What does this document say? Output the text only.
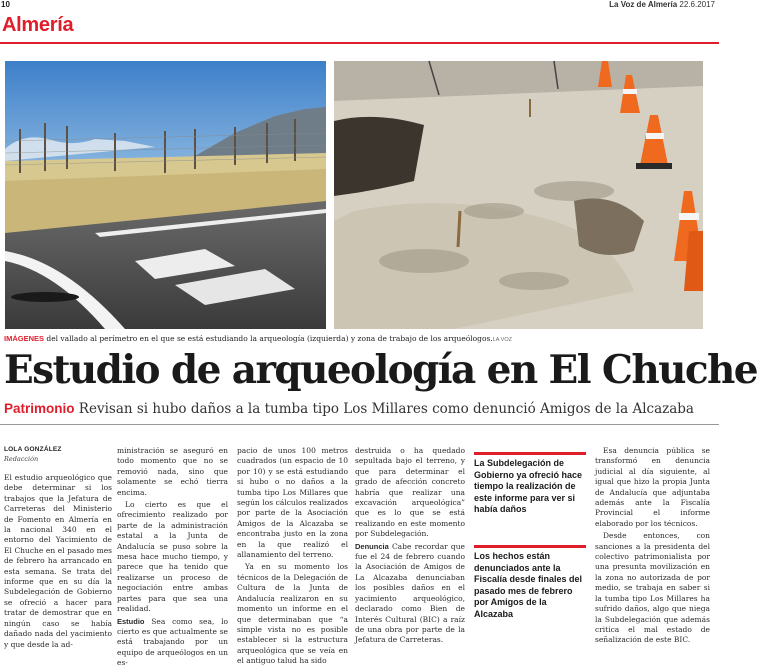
10	La Voz de Almería 22.6.2017
Almería
IMÁGENES del vallado al perímetro en el que se está estudiando la arqueología (izquierda) y zona de trabajo de los arqueólogos.LA VOZ
Estudio de arqueología en El Chuche
Patrimonio Revisan si hubo daños a la tumba tipo Los Millares como denunció Amigos de la Alcazaba
LOLA GONZÁLEZ
Redacción

El estudio arqueológico que debe determinar si los trabajos que la Jefatura de Carreteras del Ministerio de Fomento en Almería en la nacional 340 en el entorno del Yacimiento de El Chuche en el pasado mes de febrero ha arrancado en esta semana. Se trata del informe que en su día la Subdelegación de Gobierno se ofreció a hacer para tratar de demostrar que en ningún caso se había dañado nada del yacimiento y que desde la ad-

ministración se aseguró en todo momento que no se removió nada, sino que solamente se echó tierra encima.

Lo cierto es que el ofrecimiento realizado por parte de la administración estatal a la Junta de Andalucía se puso sobre la mesa hace mucho tiempo, y parece que ha tenido que realizarse un proceso de negociación entre ambas partes para que sea una realidad.

Estudio Sea como sea, lo cierto es que actualmente se está trabajando por un equipo de arqueólogos en un es-

pacio de unos 100 metros cuadrados (un espacio de 10 por 10) y se está estudiando si hubo o no daños a la tumba tipo Los Millares que según los cálculos realizados por parte de la Asociación Amigos de la Alcazaba se encontraba justo en la zona en la que realizó el allanamiento del terreno.

Ya en su momento los técnicos de la Delegación de Cultura de la Junta de Andalucía realizaron en su momento un informe en el que determinaban que “a simple vista no es posible establecer si la estructura arqueológica que se veía en el antiguo talud ha sido

destruida o ha quedado sepultada bajo el terreno, y que para determinar el grado de afección concreto habría que realizar una excavación arqueológica” que es lo que se está realizando en este momento por Subdelegación.

Denuncia Cabe recordar que fue el 24 de febrero cuando la Asociación de Amigos de La Alcazaba denunciaban los posibles daños en el yacimiento arqueológico, declarado como Bien de Interés Cultural (BIC) a raíz de una obra por parte de la Jefatura de Carreteras.

La Subdelegación de Gobierno ya ofreció hace tiempo la realización de este informe para ver si había daños
Los hechos están denunciados ante la Fiscalía desde finales del pasado mes de febrero por Amigos de la Alcazaba

Esa denuncia pública se transformó en denuncia judicial al día siguiente, al igual que hizo la propia Junta de Andalucía que adjuntaba además ante la Fiscalía Provincial el informe elaborado por los técnicos.

Desde entonces, con sanciones a la presidenta del colectivo patrimonialista por una presunta movilización en la zona no autorizada de por medio, se trabaja en saber si la tumba tipo Los Millares ha sufrido daños, algo que niega la Subdelegación que además critica el mal estado de señalización de este BIC.
